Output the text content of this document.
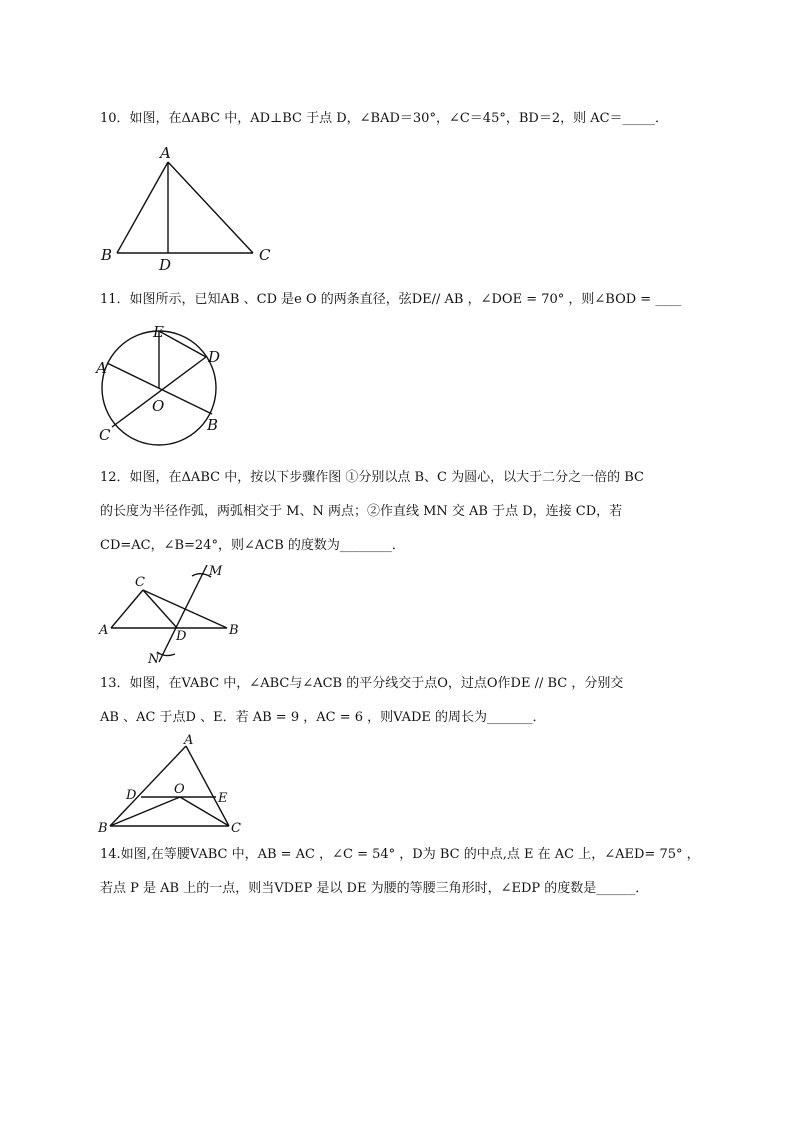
10．如图，在ΔABC 中，AD⊥BC 于点 D，∠BAD＝30°，∠C＝45°，BD＝2，则 AC＝_____．
A
B	C
D
11．如图所示，已知AB 、CD 是e O 的两条直径，弦DE// AB ，∠DOE = 70° ，则∠BOD = ____
E
D
A
O
C
B
12．如图，在ΔABC 中，按以下步骤作图 ①分别以点 B、C 为圆心，以大于二分之一倍的 BC
的长度为半径作弧，两弧相交于 M、N 两点；②作直线 MN 交 AB 于点 D，连接 CD，若
CD=AC，∠B=24°，则∠ACB 的度数为________．
C
M
A	D	B
N
13．如图，在VABC 中，∠ABC与∠ACB 的平分线交于点O，过点O作DE // BC ，分别交
AB 、AC 于点D 、E．若 AB = 9 ，AC = 6 ，则VADE 的周长为_______．
A
D	O
E
B	C
14.如图,在等腰VABC 中，AB = AC ，∠C = 54° ，D为 BC 的中点,点 E 在 AC 上，∠AED= 75° ，
若点 P 是 AB 上的一点，则当VDEP 是以 DE 为腰的等腰三角形时，∠EDP 的度数是______．
